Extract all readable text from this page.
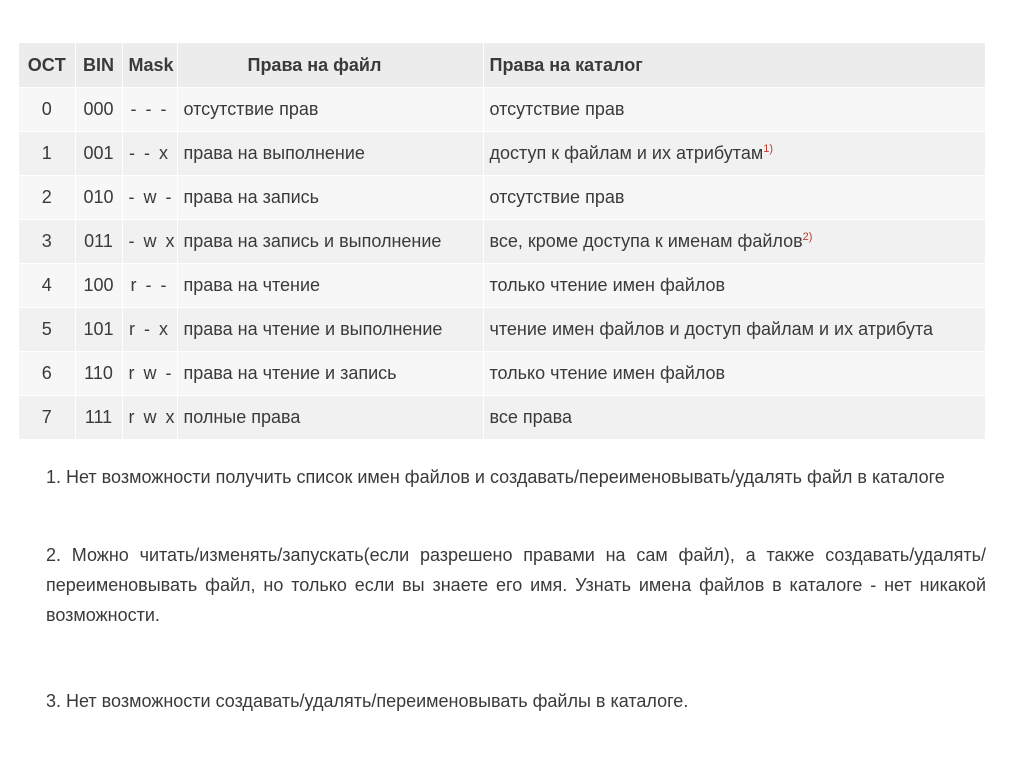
OCT	BIN	Mask	Права на файл	Права на каталог
0	000	- - -	отсутствие прав	отсутствие прав
1	001	- - x	права на выполнение	доступ к файлам и их атрибутам$^{1)}$
2	010	- w -	права на запись	отсутствие прав
3	011	- w x	права на запись и выполнение	все, кроме доступа к именам файлов$^{2)}$
4	100	r - -	права на чтение	только чтение имен файлов
5	101	r - x	права на чтение и выполнение	чтение имен файлов и доступ файлам и их атрибута
6	110	r w -	права на чтение и запись	только чтение имен файлов
7	111	r w x	полные права	все права

1. Нет возможности получить список имен файлов и создавать/переименовывать/удалять файл в каталоге

2. Можно читать/изменять/запускать(если разрешено правами на сам файл), а также создавать/удалять/переименовывать файл, но только если вы знаете его имя. Узнать имена файлов в каталоге - нет никакой возможности.

3. Нет возможности создавать/удалять/переименовывать файлы в каталоге.
